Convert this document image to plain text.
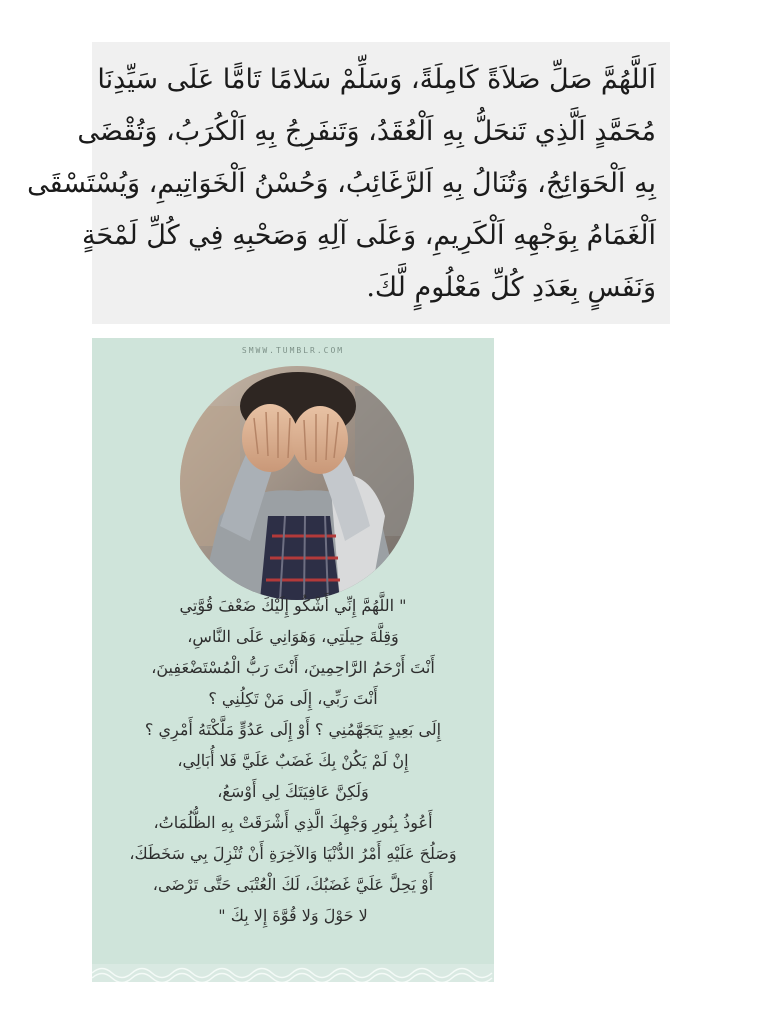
اَللَّهُمَّ صَلِّ صَلاَةً كَامِلَةً، وَسَلِّمْ سَلامًا تَامًّا عَلَى سَيِّدِنَا
مُحَمَّدٍ اَلَّذِي تَنحَلُّ بِهِ اَلْعُقَدُ، وَتَنفَرِجُ بِهِ اَلْكُرَبُ، وَتُقْضَى
بِهِ اَلْحَوَائِجُ، وَتُنَالُ بِهِ اَلرَّغَائِبُ، وَحُسْنُ اَلْخَوَاتِيمِ، وَيُسْتَسْقَى
اَلْغَمَامُ بِوَجْهِهِ اَلْكَرِيمِ، وَعَلَى آلِهِ وَصَحْبِهِ فِي كُلِّ لَمْحَةٍ
وَنَفَسٍ بِعَدَدِ كُلِّ مَعْلُومٍ لَّكَ.
SMWW.TUMBLR.COM
" اللَّهُمَّ إِنِّي أَشْكُو إِلَيْكَ ضَعْفَ قُوَّتِي
وَقِلَّةَ حِيلَتِي، وَهَوَانِي عَلَى النَّاسِ،
أَنْتَ أَرْحَمُ الرَّاحِمِينَ، أَنْتَ رَبُّ الْمُسْتَضْعَفِينَ،
أَنْتَ رَبِّي، إِلَى مَنْ تَكِلُنِي ؟
إِلَى بَعِيدٍ يَتَجَهَّمُنِي ؟ أَوْ إِلَى عَدُوٍّ مَلَّكْتَهُ أَمْرِي ؟
إِنْ لَمْ يَكُنْ بِكَ غَضَبٌ عَلَيَّ فَلا أُبَالِي،
وَلَكِنَّ عَافِيَتَكَ لِي أَوْسَعُ،
أَعُوذُ بِنُورِ وَجْهِكَ الَّذِي أَشْرَقَتْ بِهِ الظُّلُمَاتُ،
وَصَلُحَ عَلَيْهِ أَمْرُ الدُّنْيَا وَالآخِرَةِ أَنْ تُنْزِلَ بِي سَخَطَكَ،
أَوْ يَحِلَّ عَلَيَّ غَضَبُكَ، لَكَ الْعُتْبَى حَتَّى تَرْضَى،
لا حَوْلَ وَلا قُوَّةَ إِلا بِكَ "
